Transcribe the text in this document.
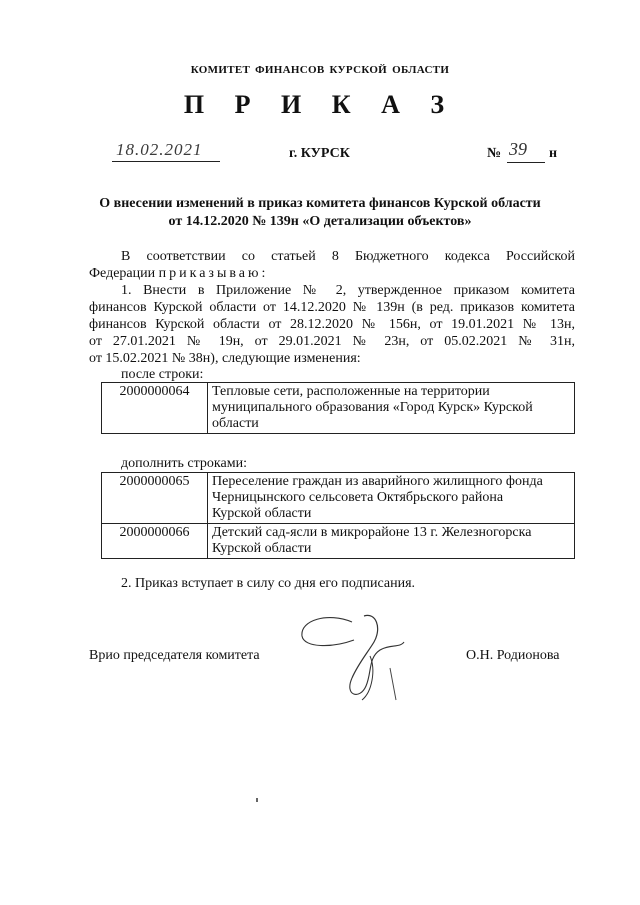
КОМИТЕТ ФИНАНСОВ КУРСКОЙ ОБЛАСТИ
П Р И К А З
18.02.2021	г. КУРСК	№ 39 н
О внесении изменений в приказ комитета финансов Курской области
от 14.12.2020 № 139н «О детализации объектов»
В соответствии со статьей 8 Бюджетного кодекса Российской
Федерации приказываю:
1. Внести в Приложение № 2, утвержденное приказом комитета
финансов Курской области от 14.12.2020 № 139н (в ред. приказов комитета
финансов Курской области от 28.12.2020 № 156н, от 19.01.2021 № 13н,
от 27.01.2021 № 19н, от 29.01.2021 № 23н, от 05.02.2021 № 31н,
от 15.02.2021 № 38н), следующие изменения:
после строки:
2000000064	Тепловые сети, расположенные на территории
муниципального образования «Город Курск» Курской
области
дополнить строками:
2000000065	Переселение граждан из аварийного жилищного фонда
Черницынского сельсовета Октябрьского района
Курской области

2000000066	Детский сад-ясли в микрорайоне 13 г. Железногорска
Курской области
2. Приказ вступает в силу со дня его подписания.
Врио председателя комитета	О.Н. Родионова
